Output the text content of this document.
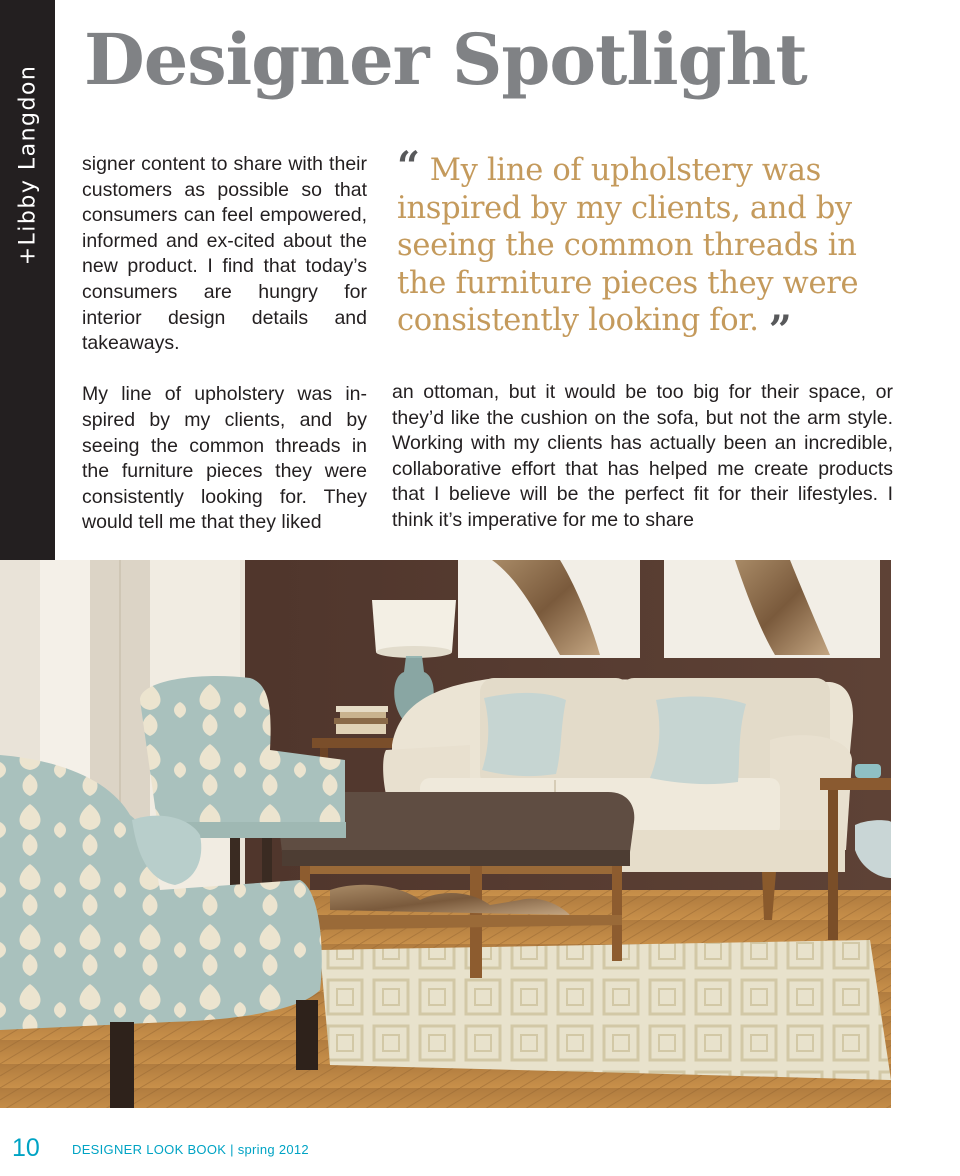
+Libby Langdon
Designer Spotlight

signer content to share with their customers as possible so that consumers can feel empowered, informed and ex-cited about the new product. I find that today’s consumers are hungry for interior design details and takeaways.

My line of upholstery was in-spired by my clients, and by seeing the common threads in the furniture pieces they were consistently looking for. They would tell me that they liked

“ My line of upholstery was inspired by my clients, and by seeing the common threads in the furniture pieces they were consistently looking for. ”

an ottoman, but it would be too big for their space, or they’d like the cushion on the sofa, but not the arm style. Working with my clients has actually been an incredible, collaborative effort that has helped me create products that I believe will be the perfect fit for their lifestyles. I think it’s imperative for me to share

10 DESIGNER LOOK BOOK | spring 2012
